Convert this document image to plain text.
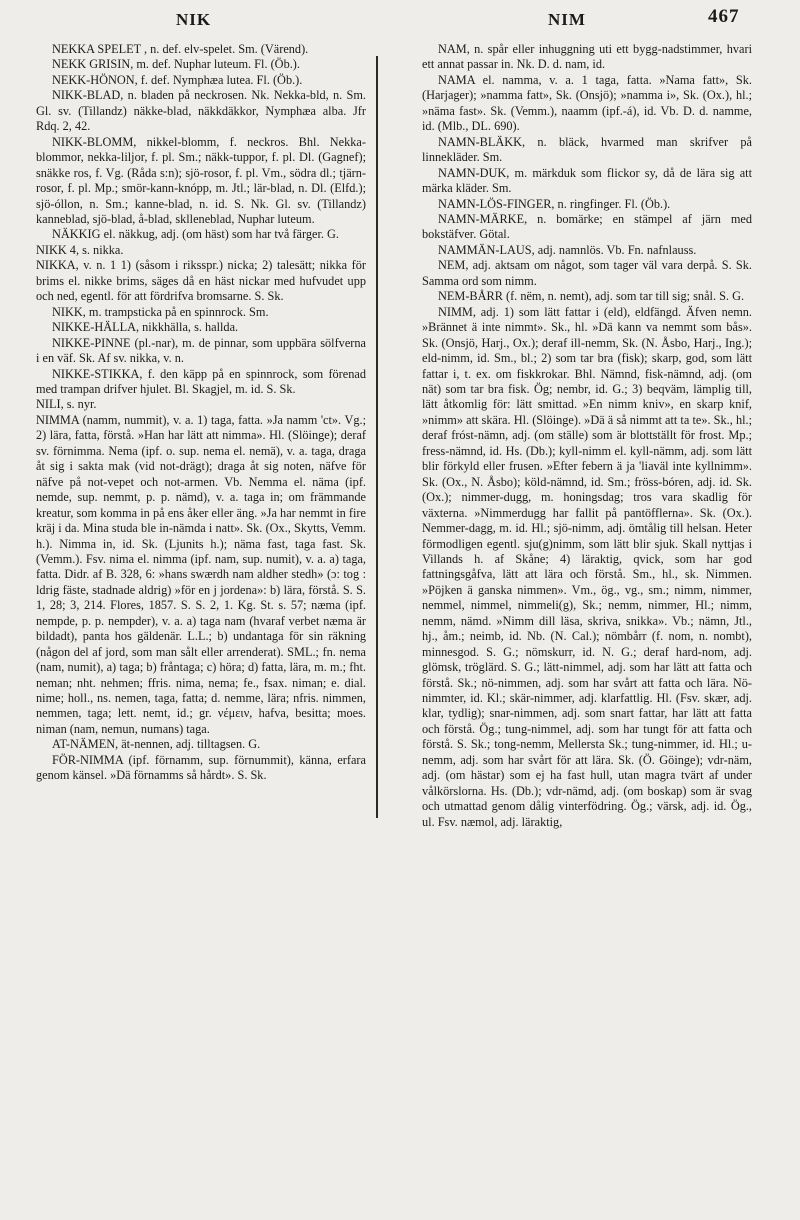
NIK	NIM	467

NEKKA SPELET , n. def. elv-spelet. Sm. (Värend).

NEKK GRISIN, m. def. Nuphar luteum. Fl. (Öb.).

NEKK-HÖNON, f. def. Nymphæa lutea. Fl. (Öb.).

NIKK-BLAD, n. bladen på neckrosen. Nk. Nekka-bld, n. Sm. Gl. sv. (Tillandz) näkke-blad, näkkdäkkor, Nymphæa alba. Jfr Rdq. 2, 42.

NIKK-BLOMM, nikkel-blomm, f. neckros. Bhl. Nekka-blommor, nekka-liljor, f. pl. Sm.; näkk-tuppor, f. pl. Dl. (Gagnef); snäkke ros, f. Vg. (Råda s:n); sjö-rosor, f. pl. Vm., södra dl.; tjärn-rosor, f. pl. Mp.; smör-kann-knópp, m. Jtl.; lär-blad, n. Dl. (Elfd.); sjö-óllon, n. Sm.; kanne-blad, n. id. S. Nk. Gl. sv. (Tillandz) kanneblad, sjö-blad, å-blad, sklleneblad, Nuphar luteum.

NÄKKIG el. näkkug, adj. (om häst) som har två färger. G.

NIKK 4, s. nikka.

NIKKA, v. n. 1 1) (såsom i riksspr.) nicka; 2) talesätt; nikka för brims el. nikke brims, säges då en häst nickar med hufvudet upp och ned, egentl. för att fördrifva bromsarne. S. Sk.

NIKK, m. trampsticka på en spinnrock. Sm.

NIKKE-HÄLLA, nikkhälla, s. hallda.

NIKKE-PINNE (pl.-nar), m. de pinnar, som uppbära sölfverna i en väf. Sk. Af sv. nikka, v. n.

NIKKE-STIKKA, f. den käpp på en spinnrock, som förenad med trampan drifver hjulet. Bl. Skagjel, m. id. S. Sk.

NILI, s. nyr.

NIMMA (namm, nummit), v. a. 1) taga, fatta. »Ja namm 'ct». Vg.; 2) lära, fatta, förstå. »Han har lätt att nimma». Hl. (Slöinge); deraf sv. förnimma. Nema (ipf. o. sup. nema el. nemä), v. a. taga, draga åt sig i sakta mak (vid not-drägt); draga åt sig noten, näfve för näfve på not-vepet och not-armen. Vb. Nemma el. näma (ipf. nemde, sup. nemmt, p. p. nämd), v. a. taga in; om främmande kreatur, som komma in på ens åker eller äng. »Ja har nemmt in fire kräj i da. Mina studa ble in-nämda i natt». Sk. (Ox., Skytts, Vemm. h.). Nimma in, id. Sk. (Ljunits h.); näma fast, taga fast. Sk. (Vemm.). Fsv. nima el. nimma (ipf. nam, sup. numit), v. a. a) taga, fatta. Didr. af B. 328, 6: »hans swærdh nam aldher stedh» (ɔ: tog : ldrig fäste, stadnade aldrig) »för en j jordena»: b) lära, förstå. S. S. 1, 28; 3, 214. Flores, 1857. S. S. 2, 1. Kg. St. s. 57; næma (ipf. nempde, p. p. nempder), v. a. a) taga nam (hvaraf verbet næma är bildadt), panta hos gäldenär. L.L.; b) undantaga för sin räkning (någon del af jord, som man sålt eller arrenderat). SML.; fn. nema (nam, numit), a) taga; b) fråntaga; c) höra; d) fatta, lära, m. m.; fht. neman; nht. nehmen; ffris. nima, nema; fe., fsax. niman; e. dial. nime; holl., ns. nemen, taga, fatta; d. nemme, lära; nfris. nimmen, nemmen, taga; lett. nemt, id.; gr. νέμειν, hafva, besitta; moes. niman (nam, nemun, numans) taga.

AT-NÄMEN, ät-nennen, adj. tilltagsen. G.

FÖR-NIMMA (ipf. förnamm, sup. förnummit), känna, erfara genom känsel. »Dä förnamms så hårdt». S. Sk.

NAM, n. spår eller inhuggning uti ett bygg-nadstimmer, hvari ett annat passar in. Nk. D. d. nam, id.

NAMA el. namma, v. a. 1 taga, fatta. »Nama fatt», Sk. (Harjager); »namma fatt», Sk. (Onsjö); »namma i», Sk. (Ox.), hl.; »näma fast». Sk. (Vemm.), naamm (ipf.-á), id. Vb. D. d. namme, id. (Mlb., DL. 690).

NAMN-BLÄKK, n. bläck, hvarmed man skrifver på linnekläder. Sm.

NAMN-DUK, m. märkduk som flickor sy, då de lära sig att märka kläder. Sm.

NAMN-LÖS-FINGER, n. ringfinger. Fl. (Öb.).

NAMN-MÄRKE, n. bomärke; en stämpel af järn med bokstäfver. Götal.

NAMMÄN-LAUS, adj. namnlös. Vb. Fn. nafnlauss.

NEM, adj. aktsam om något, som tager väl vara derpå. S. Sk. Samma ord som nimm.

NEM-BÅRR (f. nëm, n. nemt), adj. som tar till sig; snål. S. G.

NIMM, adj. 1) som lätt fattar i (eld), eldfängd. Äfven nemn. »Brännet ä inte nimmt». Sk., hl. »Dä kann va nemmt som bås». Sk. (Onsjö, Harj., Ox.); deraf ill-nemm, Sk. (N. Åsbo, Harj., Ing.); eld-nimm, id. Sm., bl.; 2) som tar bra (fisk); skarp, god, som lätt fattar i, t. ex. om fiskkrokar. Bhl. Nämnd, fisk-nämnd, adj. (om nät) som tar bra fisk. Ög; nembr, id. G.; 3) beqväm, lämplig till, lätt åtkomlig för: lätt smittad. »En nimm kniv», en skarp knif, »nimm» att skära. Hl. (Slöinge). »Dä ä så nimmt att ta te». Sk., hl.; deraf fróst-nämn, adj. (om ställe) som är blottställt för frost. Mp.; fress-nämnd, id. Hs. (Db.); kyll-nimm el. kyll-nämm, adj. som lätt blir förkyld eller frusen. »Efter febern ä ja 'liaväl inte kyllnimm». Sk. (Ox., N. Åsbo); köld-nämnd, id. Sm.; fröss-bóren, adj. id. Sk. (Ox.); nimmer-dugg, m. honingsdag; tros vara skadlig för växterna. »Nimmerdugg har fallit på pantöfflerna». Sk. (Ox.). Nemmer-dagg, m. id. Hl.; sjö-nimm, adj. ömtålig till helsan. Heter förmodligen egentl. sju(g)nimm, som lätt blir sjuk. Skall nyttjas i Villands h. af Skåne; 4) läraktig, qvick, som har god fattningsgåfva, lätt att lära och förstå. Sm., hl., sk. Nimmen. »Pöjken ä ganska nimmen». Vm., ög., vg., sm.; nimm, nimmer, nemmel, nimmel, nimmeli(g), Sk.; nemm, nimmer, Hl.; nimm, nemm, nämd. »Nimm dill läsa, skriva, snikka». Vb.; nämn, Jtl., hj., åm.; neimb, id. Nb. (N. Cal.); nömbårr (f. nom, n. nombt), minnesgod. S. G.; nömskurr, id. N. G.; deraf hard-nom, adj. glömsk, tröglärd. S. G.; lätt-nimmel, adj. som har lätt att fatta och förstå. Sk.; nö-nimmen, adj. som har svårt att fatta och lära. Nö-nimmter, id. Kl.; skär-nimmer, adj. klarfattlig. Hl. (Fsv. skær, adj. klar, tydlig); snar-nimmen, adj. som snart fattar, har lätt att fatta och förstå. Ög.; tung-nimmel, adj. som har tungt för att fatta och förstå. S. Sk.; tong-nemm, Mellersta Sk.; tung-nimmer, id. Hl.; u-nemm, adj. som har svårt för att lära. Sk. (Ö. Göinge); vdr-näm, adj. (om hästar) som ej ha fast hull, utan magra tvärt af under vålkörslorna. Hs. (Db.); vdr-nämd, adj. (om boskap) som är svag och utmattad genom dålig vinterfödring. Ög.; värsk, adj. id. Ög., ul. Fsv. næmol, adj. läraktig,
